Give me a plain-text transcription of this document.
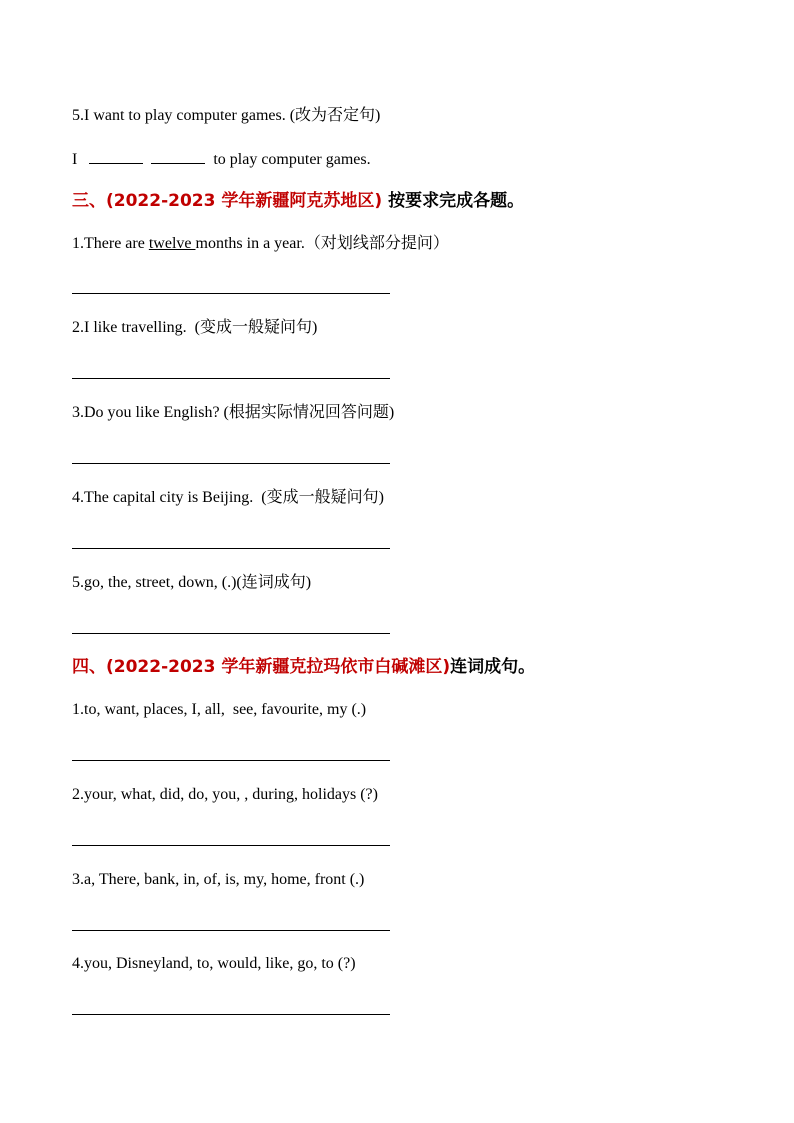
5.I want to play computer games. (改为否定句)
I	to play computer games.
三、(2022-2023 学年新疆阿克苏地区) 按要求完成各题。
1.There are twelve months in a year.（对划线部分提问）
2.I like travelling.  (变成一般疑问句)
3.Do you like English? (根据实际情况回答问题)
4.The capital city is Beijing.  (变成一般疑问句)
5.go, the, street, down, (.)(连词成句)
四、(2022-2023 学年新疆克拉玛依市白碱滩区)连词成句。
1.to, want, places, I, all,  see, favourite, my (.)
2.your, what, did, do, you, , during, holidays (?)
3.a, There, bank, in, of, is, my, home, front (.)
4.you, Disneyland, to, would, like, go, to (?)
